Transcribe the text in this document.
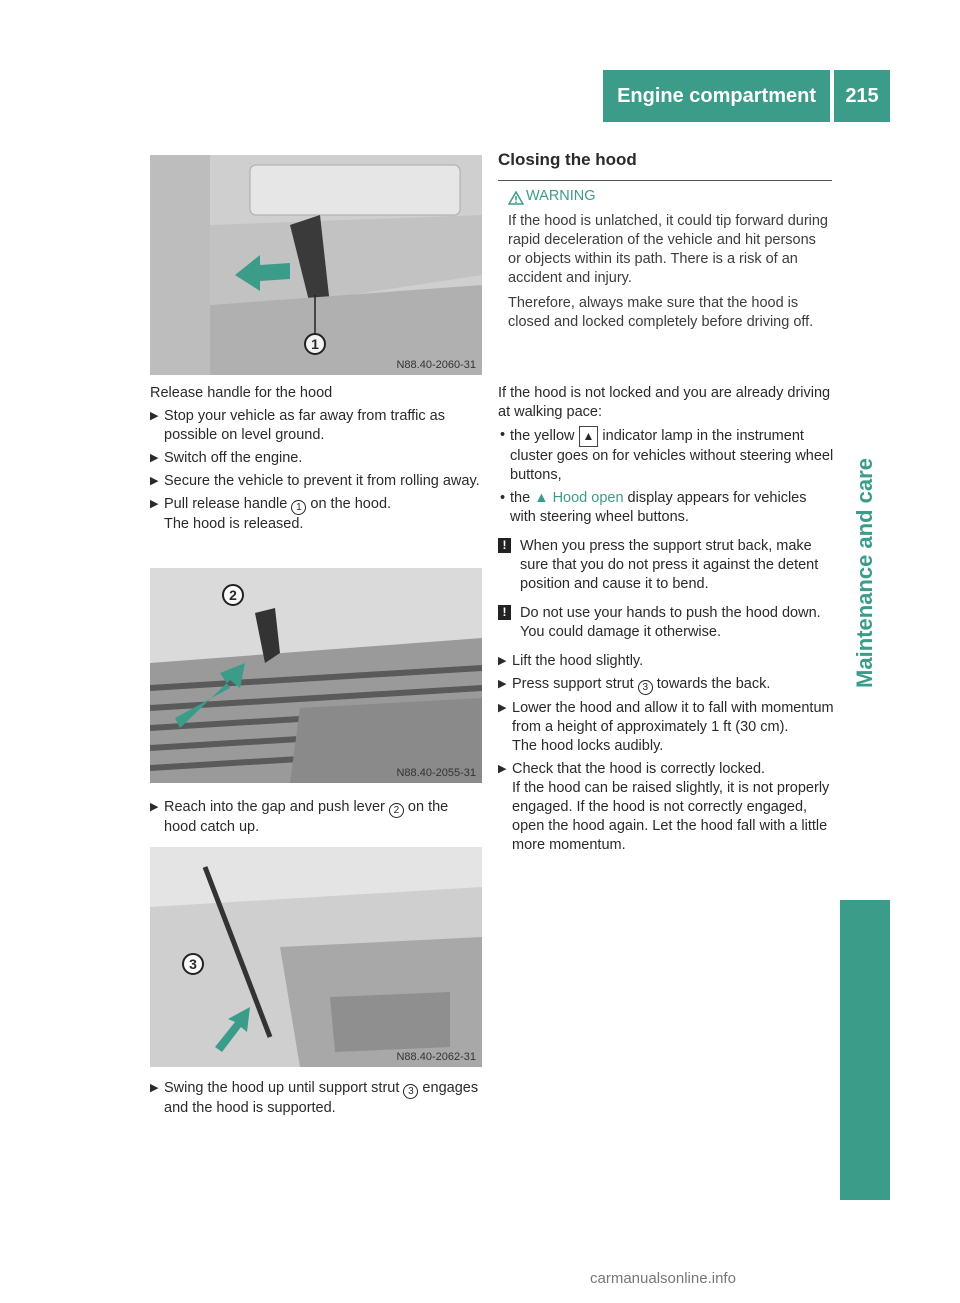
Engine compartment	215
Maintenance and care
1
N88.40-2060-31
Release handle for the hood
▶ Stop your vehicle as far away from traffic as possible on level ground.
▶ Switch off the engine.
▶ Secure the vehicle to prevent it from rolling away.
▶ Pull release handle 1 on the hood.
The hood is released.
2
N88.40-2055-31
▶ Reach into the gap and push lever 2 on the hood catch up.
3
N88.40-2062-31
▶ Swing the hood up until support strut 3 engages and the hood is supported.
Closing the hood
WARNING

If the hood is unlatched, it could tip forward during rapid deceleration of the vehicle and hit persons or objects within its path. There is a risk of an accident and injury.

Therefore, always make sure that the hood is closed and locked completely before driving off.

If the hood is not locked and you are already driving at walking pace:
• the yellow ▲ indicator lamp in the instrument cluster goes on for vehicles without steering wheel buttons,
• the ▲ Hood open display appears for vehicles with steering wheel buttons.
! When you press the support strut back, make sure that you do not press it against the detent position and cause it to bend.
! Do not use your hands to push the hood down. You could damage it otherwise.
▶ Lift the hood slightly.
▶ Press support strut 3 towards the back.
▶ Lower the hood and allow it to fall with momentum from a height of approximately 1 ft (30 cm).
The hood locks audibly.
▶ Check that the hood is correctly locked.
If the hood can be raised slightly, it is not properly engaged. If the hood is not correctly engaged, open the hood again. Let the hood fall with a little more momentum.
carmanualsonline.info
